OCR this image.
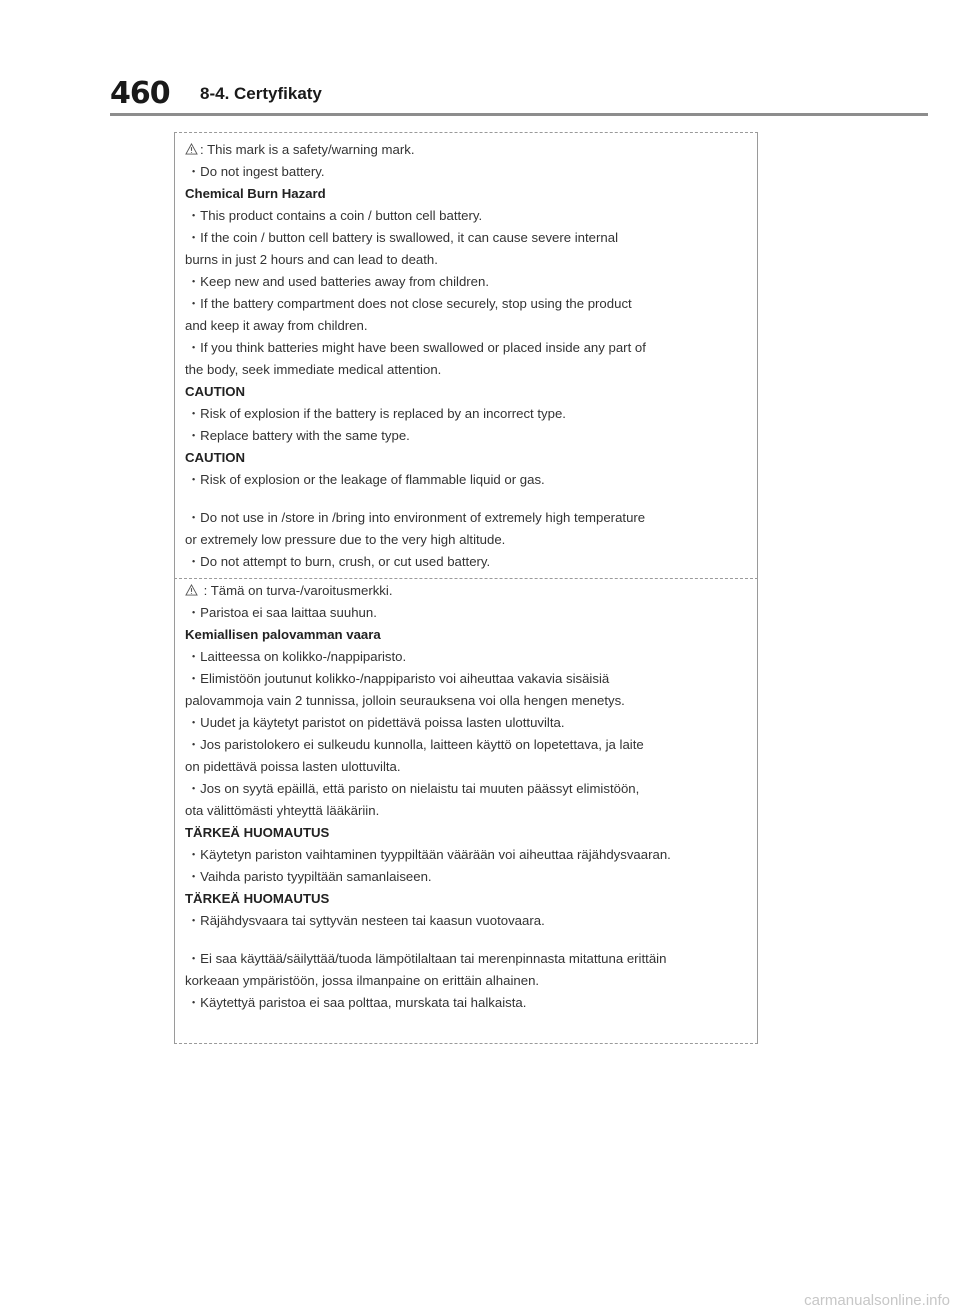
460 8-4. Certyfikaty
: This mark is a safety/warning mark.
・Do not ingest battery.
Chemical Burn Hazard
・This product contains a coin / button cell battery.
・If the coin / button cell battery is swallowed, it can cause severe internal
burns in just 2 hours and can lead to death.
・Keep new and used batteries away from children.
・If the battery compartment does not close securely, stop using the product
and keep it away from children.
・If you think batteries might have been swallowed or placed inside any part of
the body, seek immediate medical attention.
CAUTION
・Risk of explosion if the battery is replaced by an incorrect type.
・Replace battery with the same type.
CAUTION
・Risk of explosion or the leakage of flammable liquid or gas.
・Do not use in /store in /bring into environment of extremely high temperature
or extremely low pressure due to the very high altitude.
・Do not attempt to burn, crush, or cut used battery.
: Tämä on turva-/varoitusmerkki.
・Paristoa ei saa laittaa suuhun.
Kemiallisen palovamman vaara
・Laitteessa on kolikko-/nappiparisto.
・Elimistöön joutunut kolikko-/nappiparisto voi aiheuttaa vakavia sisäisiä
palovammoja vain 2 tunnissa, jolloin seurauksena voi olla hengen menetys.
・Uudet ja käytetyt paristot on pidettävä poissa lasten ulottuvilta.
・Jos paristolokero ei sulkeudu kunnolla, laitteen käyttö on lopetettava, ja laite
on pidettävä poissa lasten ulottuvilta.
・Jos on syytä epäillä, että paristo on nielaistu tai muuten päässyt elimistöön,
ota välittömästi yhteyttä lääkäriin.
TÄRKEÄ HUOMAUTUS
・Käytetyn pariston vaihtaminen tyyppiltään väärään voi aiheuttaa räjähdysvaaran.
・Vaihda paristo tyypiltään samanlaiseen.
TÄRKEÄ HUOMAUTUS
・Räjähdysvaara tai syttyvän nesteen tai kaasun vuotovaara.
・Ei saa käyttää/säilyttää/tuoda lämpötilaltaan tai merenpinnasta mitattuna erittäin
korkeaan ympäristöön, jossa ilmanpaine on erittäin alhainen.
・Käytettyä paristoa ei saa polttaa, murskata tai halkaista.
carmanualsonline.info
